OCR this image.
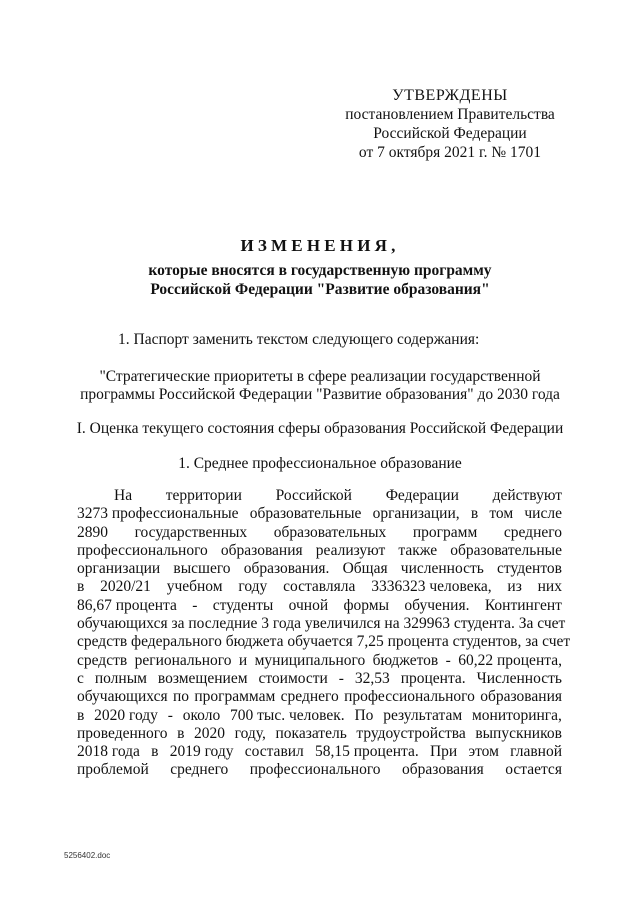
УТВЕРЖДЕНЫ
постановлением Правительства
Российской Федерации
от 7 октября 2021 г. № 1701
ИЗМЕНЕНИЯ,
которые вносятся в государственную программу
Российской Федерации "Развитие образования"
1. Паспорт заменить текстом следующего содержания:
"Стратегические приоритеты в сфере реализации государственной
программы Российской Федерации "Развитие образования" до 2030 года
I. Оценка текущего состояния сферы образования Российской Федерации
1. Среднее профессиональное образование
На территории Российской Федерации действуют
3273 профессиональные образовательные организации, в том числе
2890 государственных образовательных программ среднего
профессионального образования реализуют также образовательные
организации высшего образования. Общая численность студентов
в 2020/21 учебном году составляла 3336323 человека, из них
86,67 процента - студенты очной формы обучения. Контингент
обучающихся за последние 3 года увеличился на 329963 студента. За счет
средств федерального бюджета обучается 7,25 процента студентов, за счет
средств регионального и муниципального бюджетов - 60,22 процента,
с полным возмещением стоимости - 32,53 процента. Численность
обучающихся по программам среднего профессионального образования
в 2020 году - около 700 тыс. человек. По результатам мониторинга,
проведенного в 2020 году, показатель трудоустройства выпускников
2018 года в 2019 году составил 58,15 процента. При этом главной
проблемой среднего профессионального образования остается
5256402.doc
